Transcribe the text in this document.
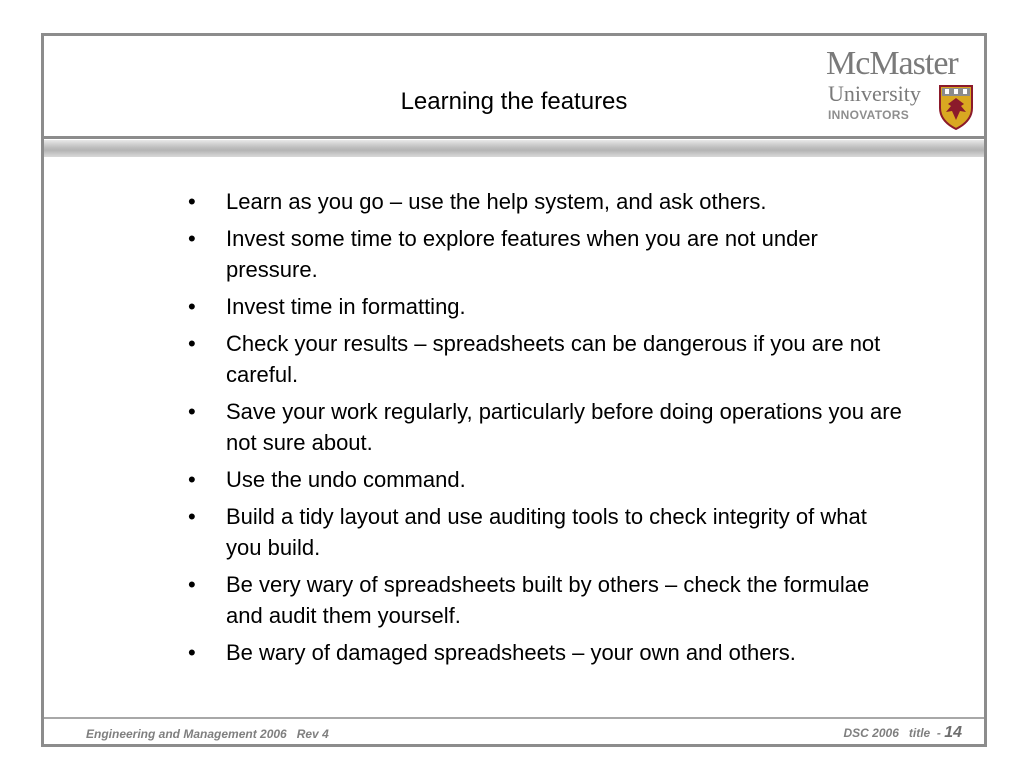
Learning the features
McMaster
University
INNOVATORS
• Learn as you go – use the help system, and ask others.
• Invest some time to explore features when you are not under pressure.
• Invest time in formatting.
• Check your results – spreadsheets can be dangerous if you are not careful.
• Save your work regularly, particularly before doing operations you are not sure about.
• Use the undo command.
• Build a tidy layout and use auditing tools to check integrity of what you build.
• Be very wary of spreadsheets built by others – check the formulae and audit them yourself.
• Be wary of damaged spreadsheets – your own and others.
Engineering and Management 2006   Rev 4	DSC 2006   title  - 14
